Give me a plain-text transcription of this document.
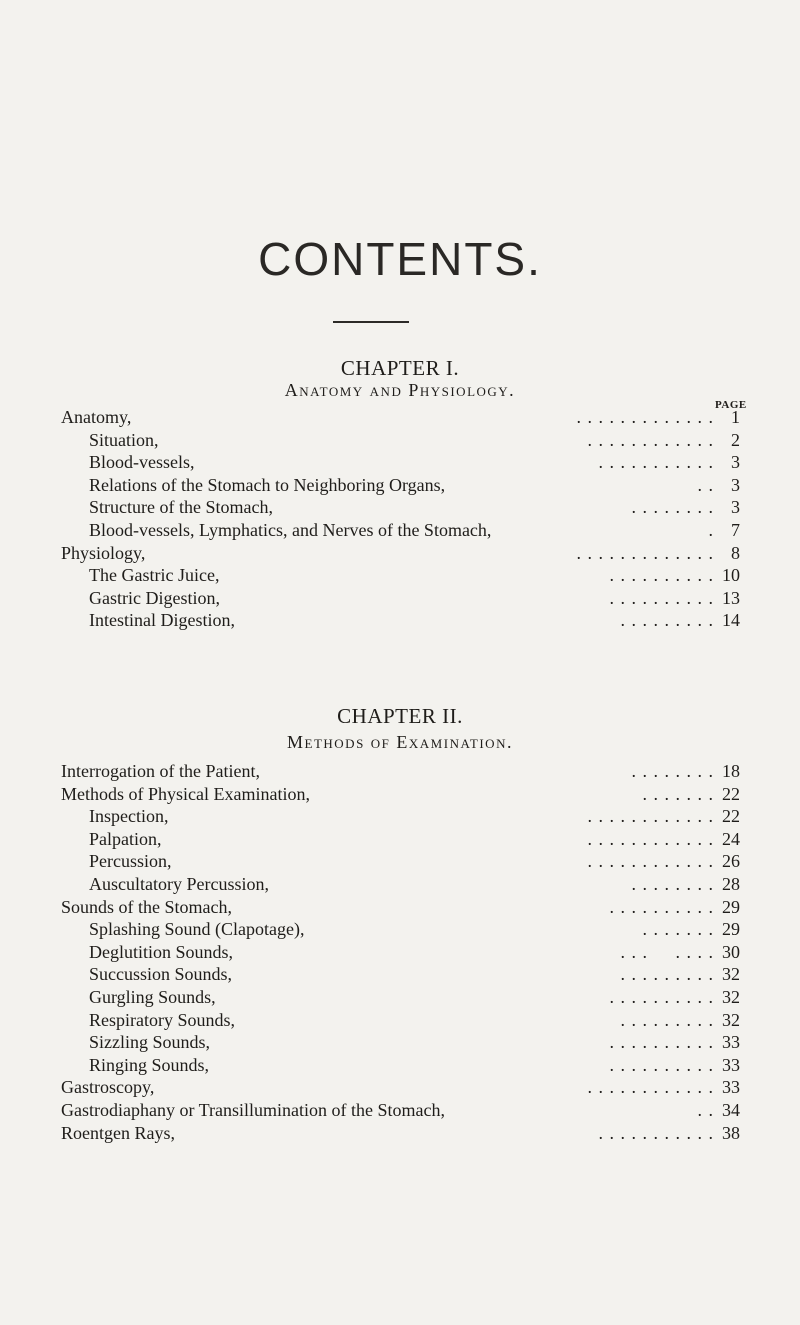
CONTENTS.
CHAPTER I.
Anatomy and Physiology.
PAGE
Anatomy,	. . . . . . . . . . . . . 1
Situation,	. . . . . . . . . . . . 2
Blood-vessels,	. . . . . . . . . . . 3
Relations of the Stomach to Neighboring Organs,	. . 3
Structure of the Stomach,	. . . . . . . . 3
Blood-vessels, Lymphatics, and Nerves of the Stomach,	. 7
Physiology,	. . . . . . . . . . . . . 8
The Gastric Juice,	. . . . . . . . . . 10
Gastric Digestion,	. . . . . . . . . . 13
Intestinal Digestion,	. . . . . . . . . 14
CHAPTER II.
Methods of Examination.
Interrogation of the Patient,	. . . . . . . . 18
Methods of Physical Examination,	. . . . . . . 22
Inspection,	. . . . . . . . . . . . 22
Palpation,	. . . . . . . . . . . . 24
Percussion,	. . . . . . . . . . . . 26
Auscultatory Percussion,	. . . . . . . . 28
Sounds of the Stomach,	. . . . . . . . . . 29
Splashing Sound (Clapotage),	. . . . . . . 29
Deglutition Sounds,	. . .     . . . . 30
Succussion Sounds,	. . . . . . . . . 32
Gurgling Sounds,	. . . . . . . . . . 32
Respiratory Sounds,	. . . . . . . . . 32
Sizzling Sounds,	. . . . . . . . . . 33
Ringing Sounds,	. . . . . . . . . . 33
Gastroscopy,	. . . . . . . . . . . . 33
Gastrodiaphany or Transillumination of the Stomach,	. . 34
Roentgen Rays,	. . . . . . . . . . . 38
